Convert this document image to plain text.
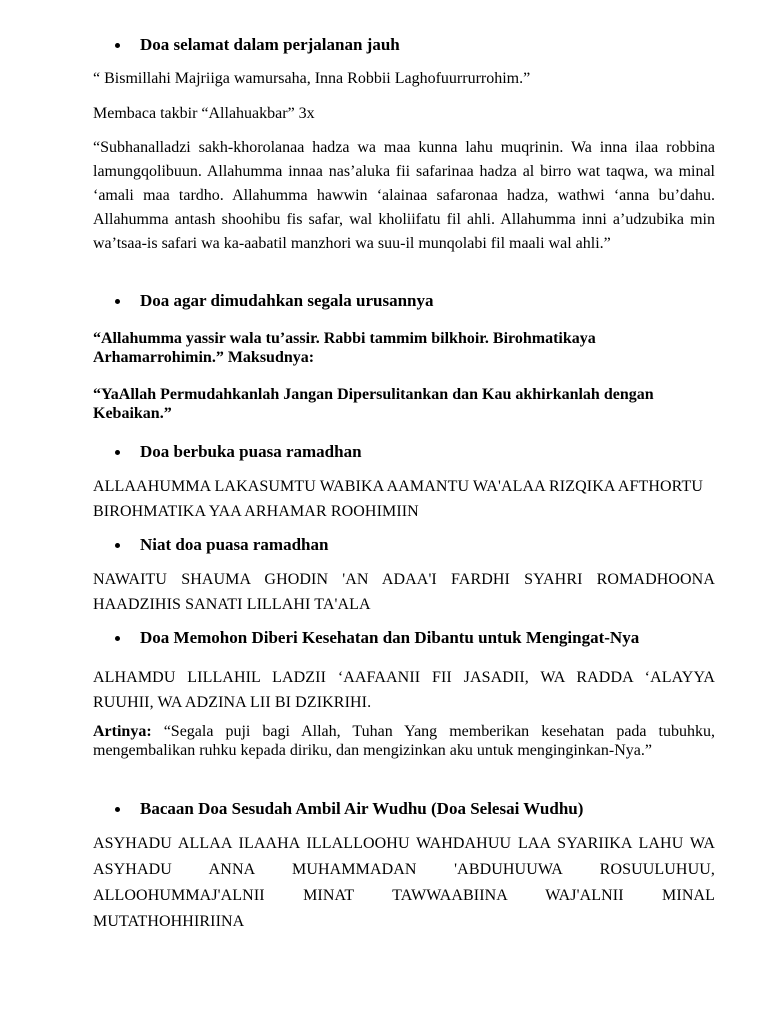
Doa selamat dalam perjalanan jauh

“ Bismillahi Majriiga wamursaha, Inna Robbii Laghofuurrurrohim.”

Membaca takbir “Allahuakbar” 3x

“Subhanalladzi sakh-khorolanaa hadza wa maa kunna lahu muqrinin. Wa inna ilaa robbina lamungqolibuun. Allahumma innaa nas’aluka fii safarinaa hadza al birro wat taqwa, wa minal ‘amali maa tardho. Allahumma hawwin ‘alainaa safaronaa hadza, wathwi ‘anna bu’dahu. Allahumma antash shoohibu fis safar, wal kholiifatu fil ahli. Allahumma inni a’udzubika min wa’tsaa-is safari wa ka-aabatil manzhori wa suu-il munqolabi fil maali wal ahli.”

Doa agar dimudahkan segala urusannya

“Allahumma yassir wala tu’assir. Rabbi tammim bilkhoir. Birohmatikaya Arhamarrohimin.” Maksudnya:

“YaAllah Permudahkanlah Jangan Dipersulitankan dan Kau akhirkanlah dengan Kebaikan.”

Doa berbuka puasa ramadhan

ALLAAHUMMA LAKASUMTU WABIKA AAMANTU WA'ALAA RIZQIKA AFTHORTU BIROHMATIKA YAA ARHAMAR ROOHIMIIN

Niat doa puasa ramadhan

NAWAITU SHAUMA GHODIN 'AN ADAA'I FARDHI SYAHRI ROMADHOONA HAADZIHIS SANATI LILLAHI TA'ALA

Doa Memohon Diberi Kesehatan dan Dibantu untuk Mengingat-Nya

ALHAMDU LILLAHIL LADZII ‘AAFAANII FII JASADII, WA RADDA ‘ALAYYA RUUHII, WA ADZINA LII BI DZIKRIHI.

Artinya: “Segala puji bagi Allah, Tuhan Yang memberikan kesehatan pada tubuhku, mengembalikan ruhku kepada diriku, dan mengizinkan aku untuk menginginkan-Nya.”

Bacaan Doa Sesudah Ambil Air Wudhu (Doa Selesai Wudhu)

ASYHADU ALLAA ILAAHA ILLALLOOHU WAHDAHUU LAA SYARIIKA LAHU WA ASYHADU ANNA MUHAMMADAN 'ABDUHUUWA ROSUULUHUU, ALLOOHUMMAJ'ALNII MINAT TAWWAABIINA WAJ'ALNII MINAL MUTATHOHHIRIINA
